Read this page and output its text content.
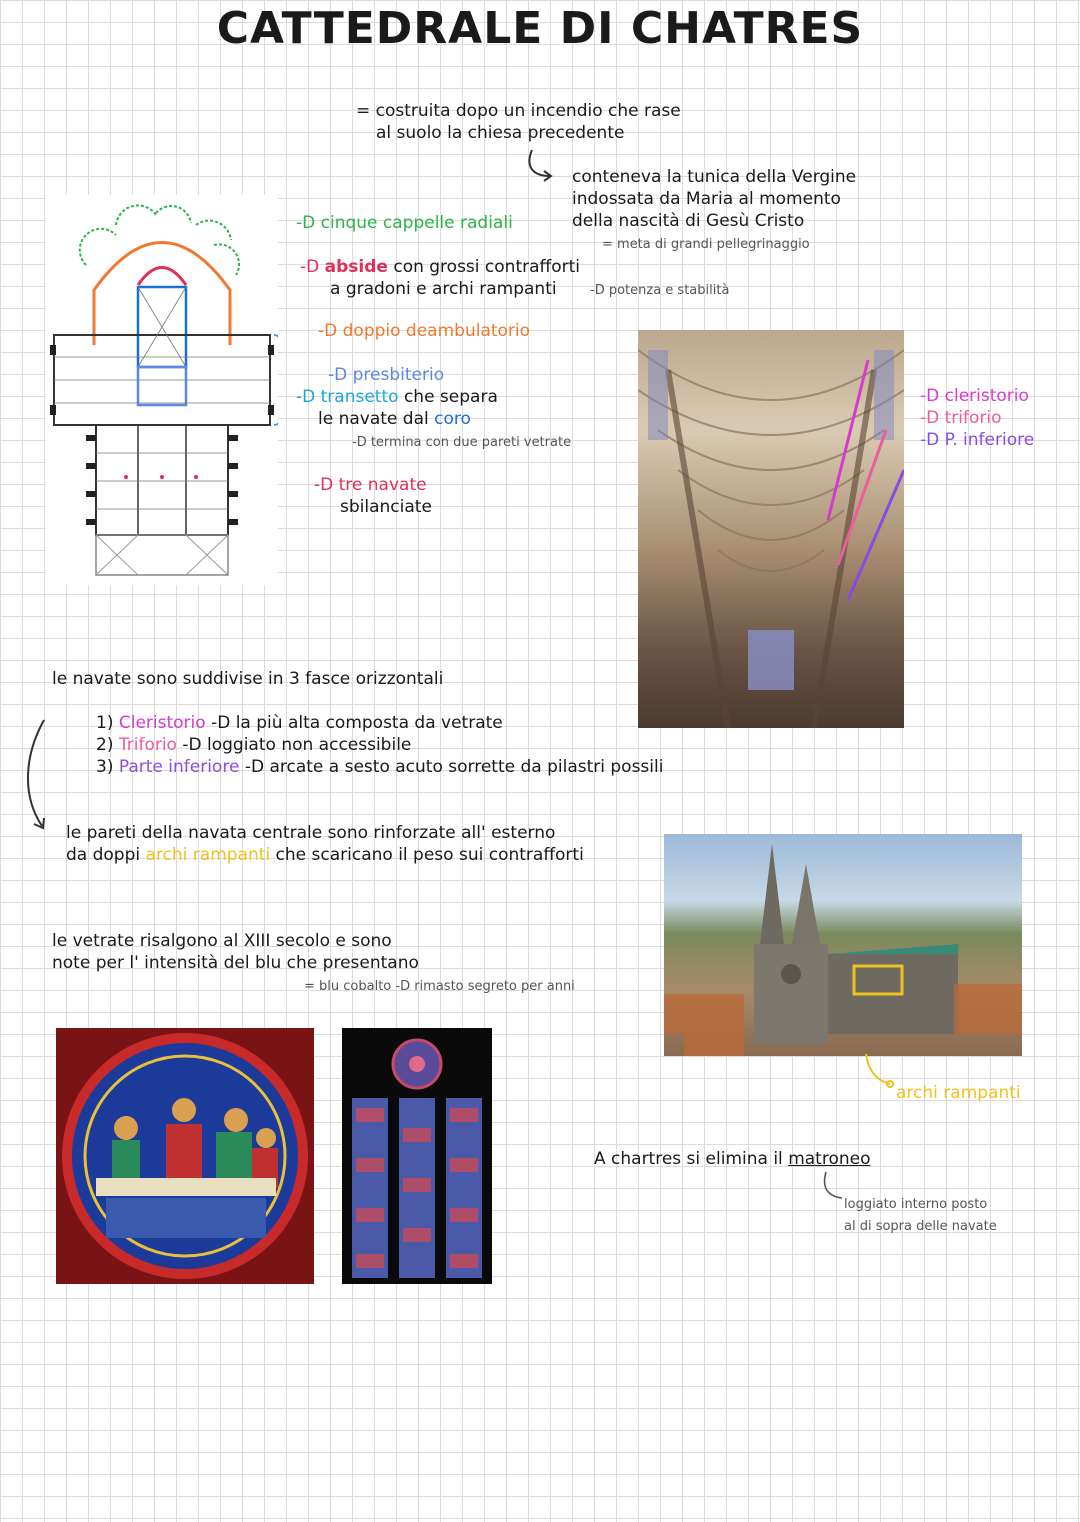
CATTEDRALE DI CHATRES
= costruita dopo un incendio che rase
al suolo la chiesa precedente
conteneva la tunica della Vergine
indossata da Maria al momento
della nascità di Gesù Cristo
= meta di grandi pellegrinaggio
-D cinque cappelle radiali
-D abside con grossi contrafforti
a gradoni e archi rampanti	-D potenza e stabilità
-D doppio deambulatorio
-D presbiterio
-D transetto che separa
le navate dal coro
-D termina con due pareti vetrate
-D tre navate
sbilanciate
-D cleristorio
-D triforio
-D P. inferiore
le navate sono suddivise in 3 fasce orizzontali
1) Cleristorio -D la più alta composta da vetrate
2) Triforio -D loggiato non accessibile
3) Parte inferiore -D arcate a sesto acuto sorrette da pilastri possili
le pareti della navata centrale sono rinforzate all' esterno
da doppi archi rampanti che scaricano il peso sui contrafforti
archi rampanti
le vetrate risalgono al XIII secolo e sono
note per l' intensità del blu che presentano
= blu cobalto -D rimasto segreto per anni
A chartres si elimina il matroneo
loggiato interno posto
al di sopra delle navate
